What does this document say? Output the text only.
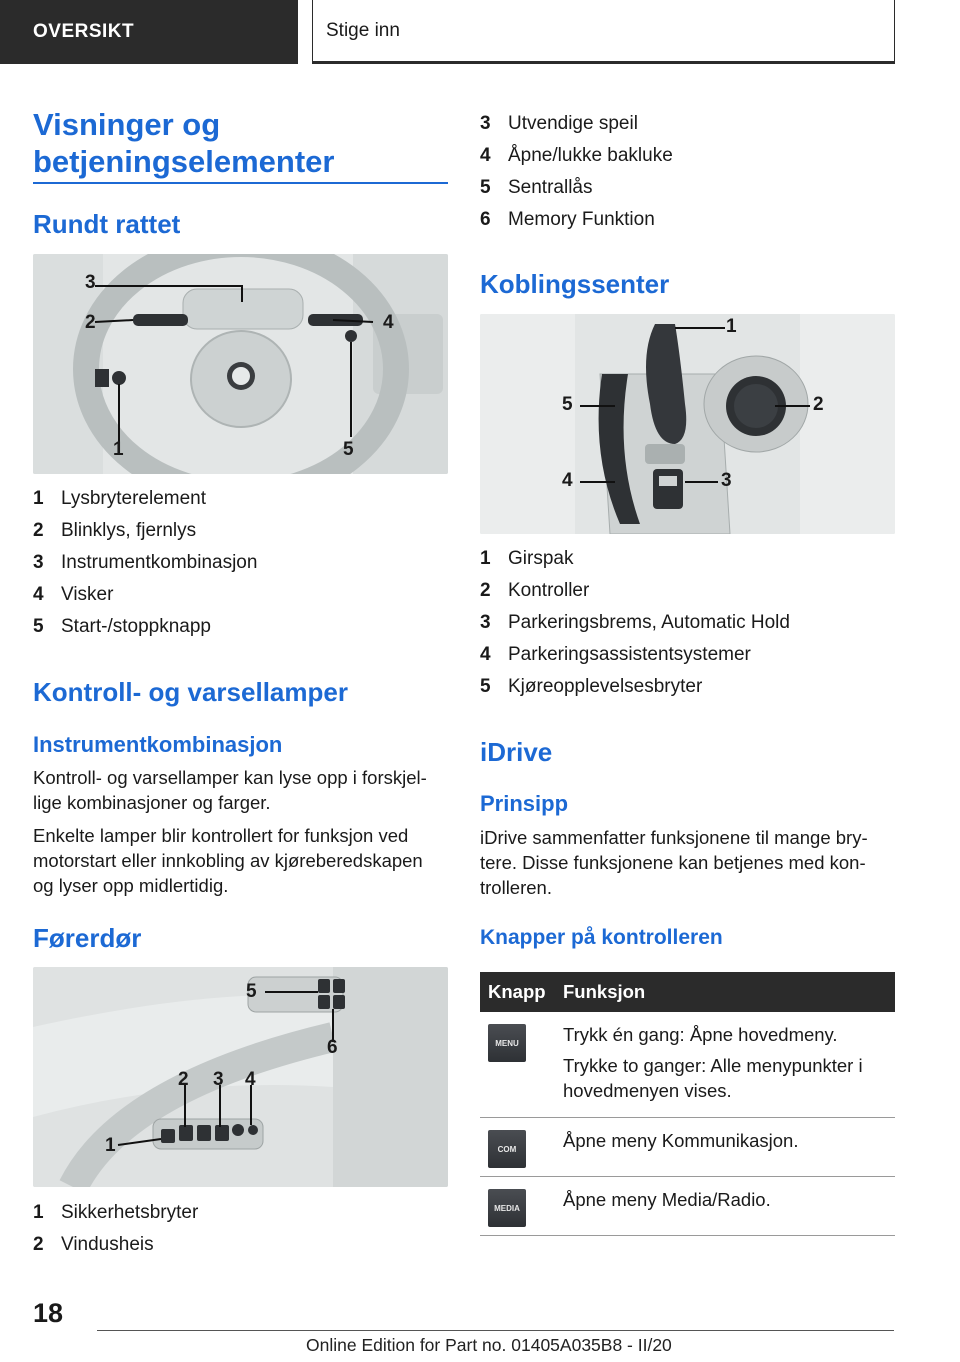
OVERSIKT	Stige inn
Visninger og
betjeningselementer
Rundt rattet
3
2	4
1	5
1 Lysbryterelement
2 Blinklys, fjernlys
3 Instrumentkombinasjon
4 Visker
5 Start-/stoppknapp
Kontroll- og varsellamper
Instrumentkombinasjon

Kontroll- og varsellamper kan lyse opp i forskjel-
lige kombinasjoner og farger.

Enkelte lamper blir kontrollert for funksjon ved
motorstart eller innkobling av kjøreberedskapen
og lyser opp midlertidig.

Førerdør
5
6
2 3 4
1
1 Sikkerhetsbryter
2 Vindusheis
3 Utvendige speil
4 Åpne/lukke bakluke
5 Sentrallås
6 Memory Funktion
Koblingssenter
1
5	2
4	3
1 Girspak
2 Kontroller
3 Parkeringsbrems, Automatic Hold
4 Parkeringsassistentsystemer
5 Kjøreopplevelsesbryter
iDrive
Prinsipp

iDrive sammenfatter funksjonene til mange bry-
tere. Disse funksjonene kan betjenes med kon-
trolleren.

Knapper på kontrolleren
Knapp Funksjon
MENU	Trykk én gang: Åpne hovedmeny.

Trykke to ganger: Alle menypunkter i hovedmenyen vises.

COM	Åpne meny Kommunikasjon.

MEDIA	Åpne meny Media/Radio.

18
Online Edition for Part no. 01405A035B8 - II/20
